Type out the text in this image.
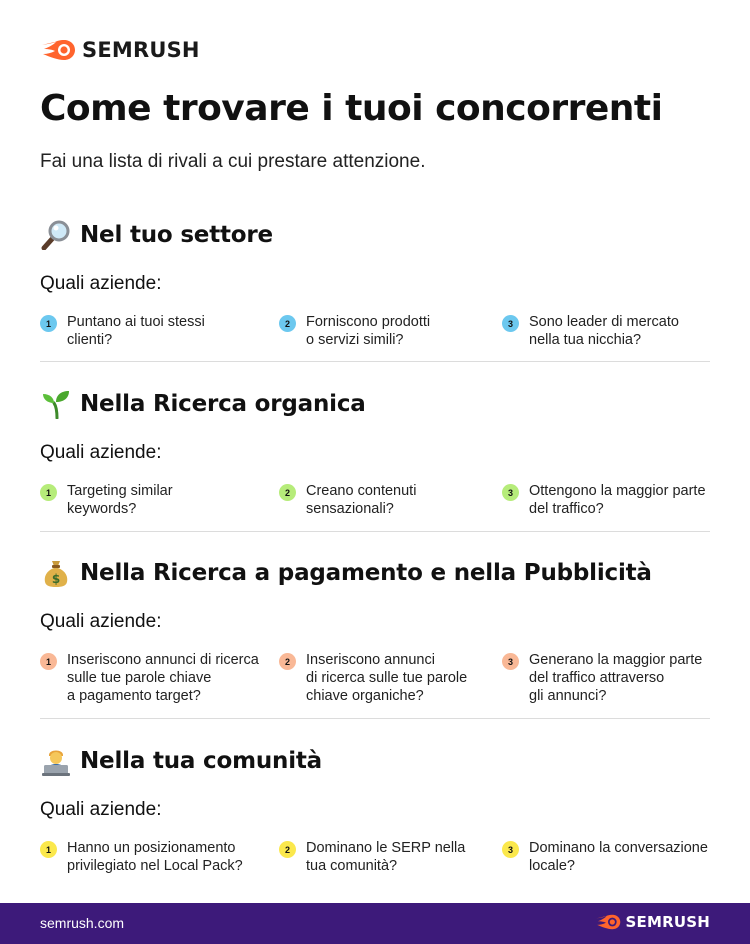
SEMRUSH
Come trovare i tuoi concorrenti

Fai una lista di rivali a cui prestare attenzione.

Nel tuo settore
Quali aziende:
1	Puntano ai tuoi stessi
clienti?
2	Forniscono prodotti
o servizi simili?
3	Sono leader di mercato
nella tua nicchia?
Nella Ricerca organica
Quali aziende:
1	Targeting similar
keywords?
2	Creano contenuti
sensazionali?
3	Ottengono la maggior parte
del traffico?
$ Nella Ricerca a pagamento e nella Pubblicità
Quali aziende:
1	Inseriscono annunci di ricerca
sulle tue parole chiave
a pagamento target?
2	Inseriscono annunci
di ricerca sulle tue parole
chiave organiche?
3	Generano la maggior parte
del traffico attraverso
gli annunci?
Nella tua comunità
Quali aziende:
1	Hanno un posizionamento
privilegiato nel Local Pack?
2	Dominano le SERP nella
tua comunità?
3	Dominano la conversazione
locale?
semrush.com	SEMRUSH
